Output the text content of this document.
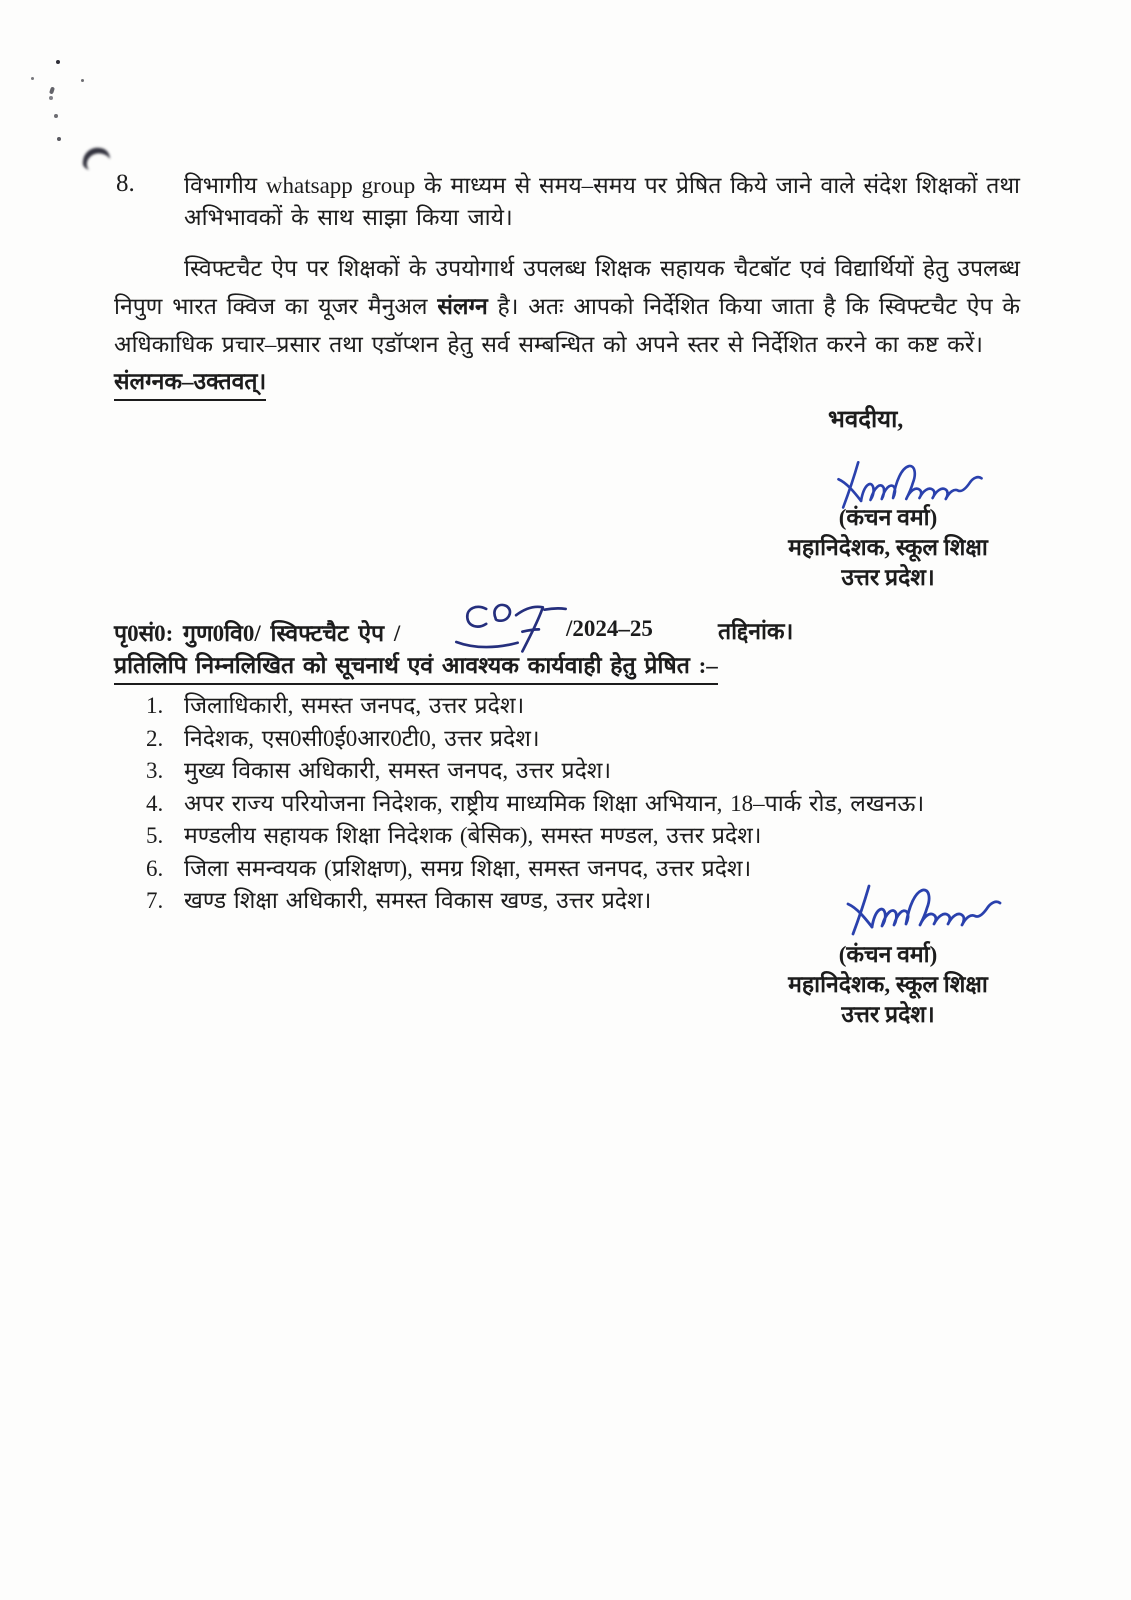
8.	विभागीय whatsapp group के माध्यम से समय–समय पर प्रेषित किये जाने वाले संदेश शिक्षकों तथा अभिभावकों के साथ साझा किया जाये।

स्विफ्टचैट ऐप पर शिक्षकों के उपयोगार्थ उपलब्ध शिक्षक सहायक चैटबॉट एवं विद्यार्थियों हेतु उपलब्ध निपुण भारत क्विज का यूजर मैनुअल संलग्न है। अतः आपको निर्देशित किया जाता है कि स्विफ्टचैट ऐप के अधिकाधिक प्रचार–प्रसार तथा एडॉप्शन हेतु सर्व सम्बन्धित को अपने स्तर से निर्देशित करने का कष्ट करें।

संलग्नक–उक्तवत्।

भवदीया,

(कंचन वर्मा)
महानिदेशक, स्कूल शिक्षा
उत्तर प्रदेश।
पृ0सं0: गुण0वि0/ स्विफ्टचैट ऐप /	/2024–25	तद्दिनांक।

प्रतिलिपि निम्नलिखित को सूचनार्थ एवं आवश्यक कार्यवाही हेतु प्रेषित :–

1. जिलाधिकारी, समस्त जनपद, उत्तर प्रदेश।
2. निदेशक, एस0सी0ई0आर0टी0, उत्तर प्रदेश।
3. मुख्य विकास अधिकारी, समस्त जनपद, उत्तर प्रदेश।
4. अपर राज्य परियोजना निदेशक, राष्ट्रीय माध्यमिक शिक्षा अभियान, 18–पार्क रोड, लखनऊ।
5. मण्डलीय सहायक शिक्षा निदेशक (बेसिक), समस्त मण्डल, उत्तर प्रदेश।
6. जिला समन्वयक (प्रशिक्षण), समग्र शिक्षा, समस्त जनपद, उत्तर प्रदेश।
7. खण्ड शिक्षा अधिकारी, समस्त विकास खण्ड, उत्तर प्रदेश।
(कंचन वर्मा)
महानिदेशक, स्कूल शिक्षा
उत्तर प्रदेश।
